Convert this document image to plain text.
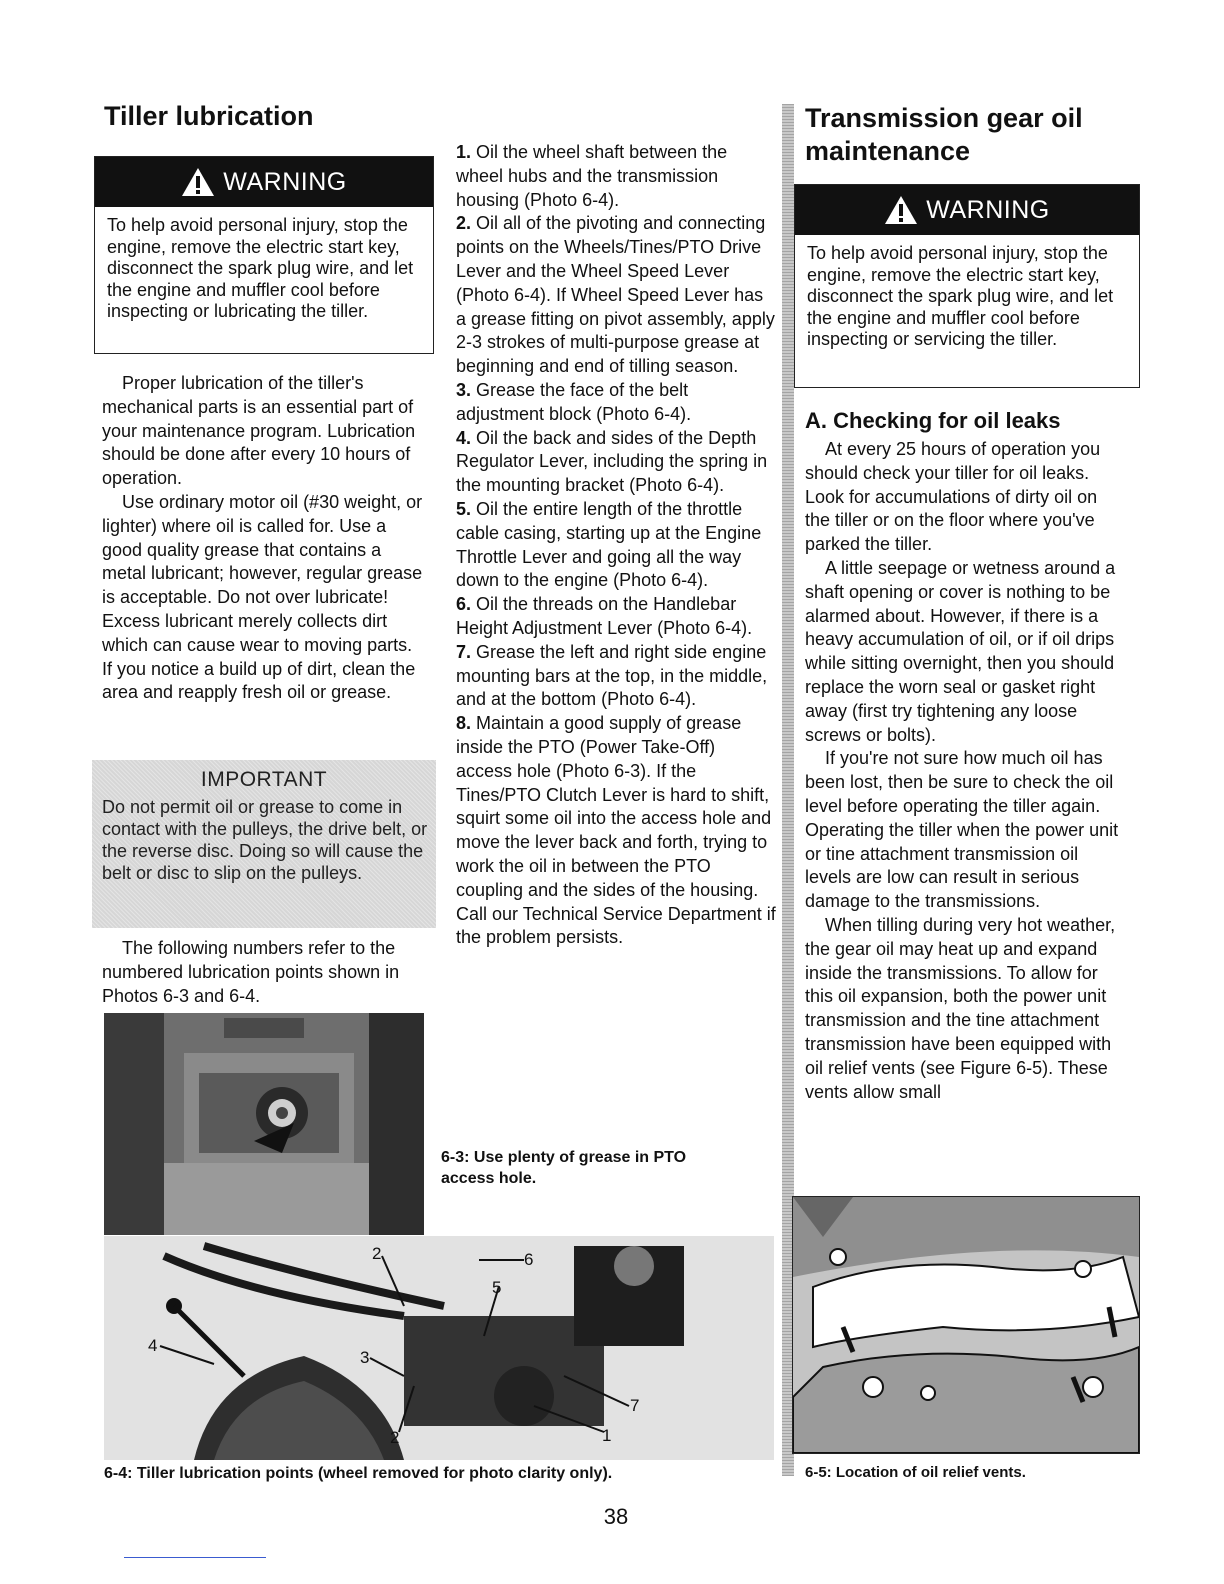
Tiller lubrication
WARNING
To help avoid personal injury, stop the engine, remove the electric start key, disconnect the spark plug wire, and let the engine and muffler cool before inspecting or lubricating the tiller.

Proper lubrication of the tiller's mechanical parts is an essential part of your maintenance program. Lubrication should be done after every 10 hours of operation.

Use ordinary motor oil (#30 weight, or lighter) where oil is called for. Use a good quality grease that contains a metal lubricant; however, regular grease is acceptable. Do not over lubricate! Excess lubricant merely collects dirt which can cause wear to moving parts. If you notice a build up of dirt, clean the area and reapply fresh oil or grease.

IMPORTANT
Do not permit oil or grease to come in contact with the pulleys, the drive belt, or the reverse disc. Doing so will cause the belt or disc to slip on the pulleys.

The following numbers refer to the numbered lubrication points shown in Photos 6-3 and 6-4.

1. Oil the wheel shaft between the wheel hubs and the transmission housing (Photo 6-4).
2. Oil all of the pivoting and connecting points on the Wheels/Tines/PTO Drive Lever and the Wheel Speed Lever (Photo 6-4). If Wheel Speed Lever has a grease fitting on pivot assembly, apply 2-3 strokes of multi-purpose grease at beginning and end of tilling season.
3. Grease the face of the belt adjustment block (Photo 6-4).
4. Oil the back and sides of the Depth Regulator Lever, including the spring in the mounting bracket (Photo 6-4).
5. Oil the entire length of the throttle cable casing, starting up at the Engine Throttle Lever and going all the way down to the engine (Photo 6-4).
6. Oil the threads on the Handlebar Height Adjustment Lever (Photo 6-4).
7. Grease the left and right side engine mounting bars at the top, in the middle, and at the bottom (Photo 6-4).
8. Maintain a good supply of grease inside the PTO (Power Take-Off) access hole (Photo 6-3). If the Tines/PTO Clutch Lever is hard to shift, squirt some oil into the access hole and move the lever back and forth, trying to work the oil in between the PTO coupling and the sides of the housing. Call our Technical Service Department if the problem persists.
6-3: Use plenty of grease in PTO access hole.
2	6
5
4
3
7
2	1
6-4: Tiller lubrication points (wheel removed for photo clarity only).
Transmission gear oil maintenance
WARNING
To help avoid personal injury, stop the engine, remove the electric start key, disconnect the spark plug wire, and let the engine and muffler cool before inspecting or servicing the tiller.
A. Checking for oil leaks

At every 25 hours of operation you should check your tiller for oil leaks. Look for accumulations of dirty oil on the tiller or on the floor where you've parked the tiller.

A little seepage or wetness around a shaft opening or cover is nothing to be alarmed about. However, if there is a heavy accumulation of oil, or if oil drips while sitting overnight, then you should replace the worn seal or gasket right away (first try tightening any loose screws or bolts).

If you're not sure how much oil has been lost, then be sure to check the oil level before operating the tiller again. Operating the tiller when the power unit or tine attachment transmission oil levels are low can result in serious damage to the transmissions.

When tilling during very hot weather, the gear oil may heat up and expand inside the transmissions. To allow for this oil expansion, both the power unit transmission and the tine attachment transmission have been equipped with oil relief vents (see Figure 6-5). These vents allow small

6-5: Location of oil relief vents.
38
